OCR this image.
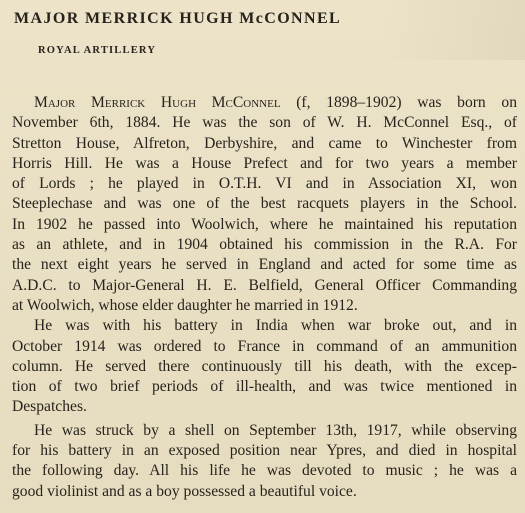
MAJOR MERRICK HUGH McCONNEL
ROYAL ARTILLERY
Major Merrick Hugh McConnel (f, 1898–1902) was born on
November 6th, 1884. He was the son of W. H. McConnel Esq., of
Stretton House, Alfreton, Derbyshire, and came to Winchester from
Horris Hill. He was a House Prefect and for two years a member
of Lords ; he played in O.T.H. VI and in Association XI, won
Steeplechase and was one of the best racquets players in the School.
In 1902 he passed into Woolwich, where he maintained his reputation
as an athlete, and in 1904 obtained his commission in the R.A. For
the next eight years he served in England and acted for some time as
A.D.C. to Major-General H. E. Belfield, General Officer Commanding
at Woolwich, whose elder daughter he married in 1912.
He was with his battery in India when war broke out, and in
October 1914 was ordered to France in command of an ammunition
column. He served there continuously till his death, with the excep-
tion of two brief periods of ill-health, and was twice mentioned in
Despatches.
He was struck by a shell on September 13th, 1917, while observing
for his battery in an exposed position near Ypres, and died in hospital
the following day. All his life he was devoted to music ; he was a
good violinist and as a boy possessed a beautiful voice.
